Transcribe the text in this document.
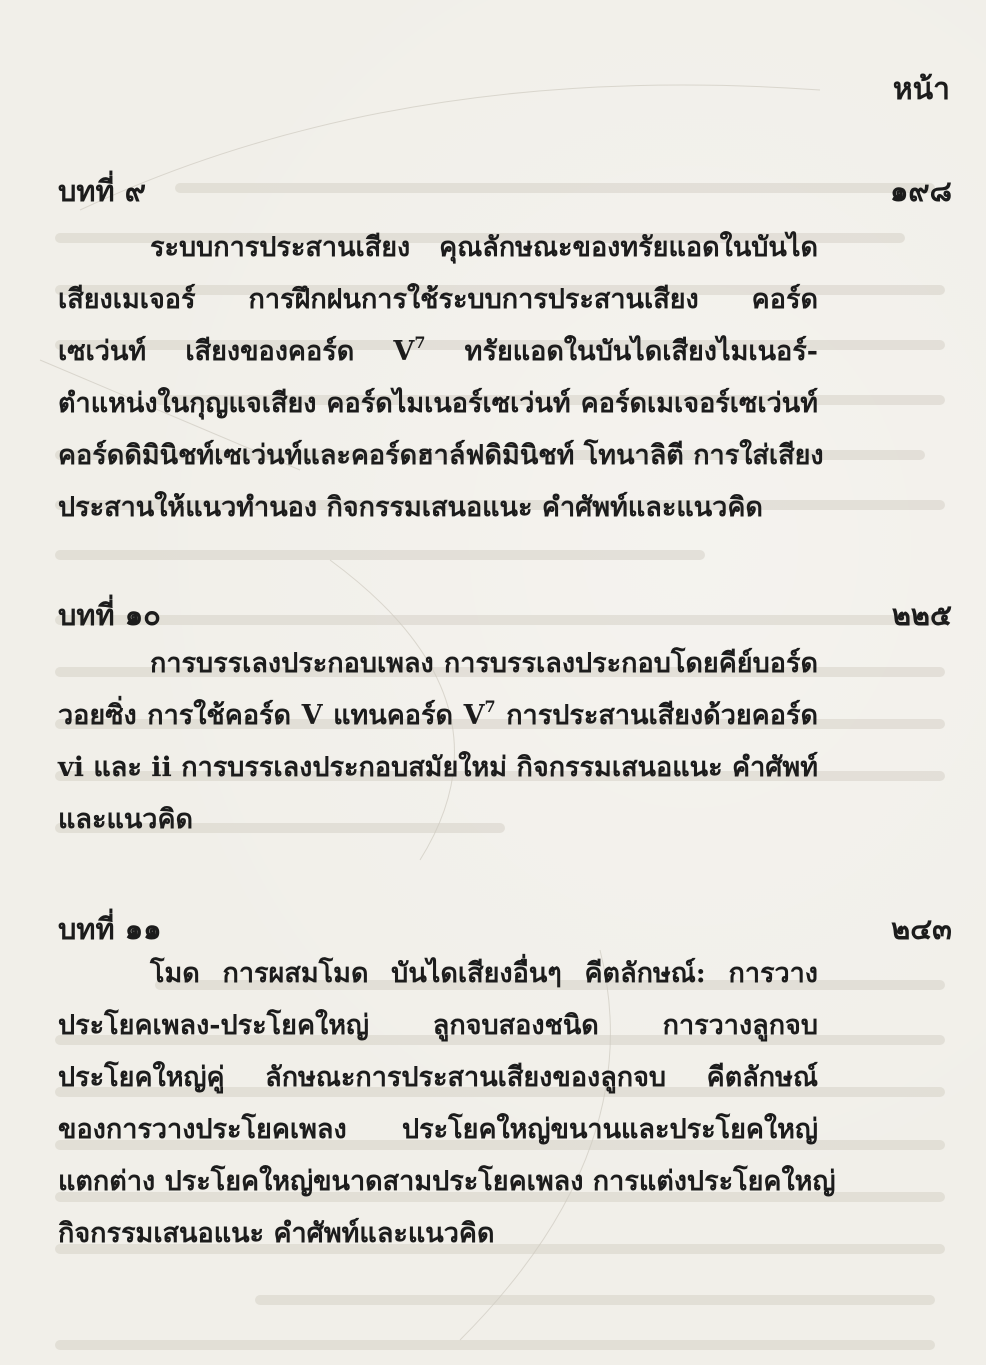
หน้า
บทที่ ๙	๑๙๘
ระบบการประสานเสียง คุณลักษณะของทรัยแอดในบันได
เสียงเมเจอร์ การฝึกฝนการใช้ระบบการประสานเสียง คอร์ด
เซเว่นท์ เสียงของคอร์ด $V^7$ ทรัยแอดในบันไดเสียงไมเนอร์-
ตำแหน่งในกุญแจเสียง คอร์ดไมเนอร์เซเว่นท์ คอร์ดเมเจอร์เซเว่นท์
คอร์ดดิมินิชท์เซเว่นท์และคอร์ดฮาล์ฟดิมินิชท์ โทนาลิตี การใส่เสียง
ประสานให้แนวทำนอง กิจกรรมเสนอแนะ คำศัพท์และแนวคิด
บทที่ ๑๐	๒๒๕
การบรรเลงประกอบเพลง การบรรเลงประกอบโดยคีย์บอร์ด
วอยซิ่ง การใช้คอร์ด V แทนคอร์ด $V^7$ การประสานเสียงด้วยคอร์ด
vi และ ii การบรรเลงประกอบสมัยใหม่ กิจกรรมเสนอแนะ คำศัพท์
และแนวคิด
บทที่ ๑๑	๒๔๓
โมด การผสมโมด บันไดเสียงอื่นๆ คีตลักษณ์: การวาง
ประโยคเพลง-ประโยคใหญ่ ลูกจบสองชนิด การวางลูกจบ
ประโยคใหญ่คู่ ลักษณะการประสานเสียงของลูกจบ คีตลักษณ์
ของการวางประโยคเพลง ประโยคใหญ่ขนานและประโยคใหญ่
แตกต่าง ประโยคใหญ่ขนาดสามประโยคเพลง การแต่งประโยคใหญ่
กิจกรรมเสนอแนะ คำศัพท์และแนวคิด
